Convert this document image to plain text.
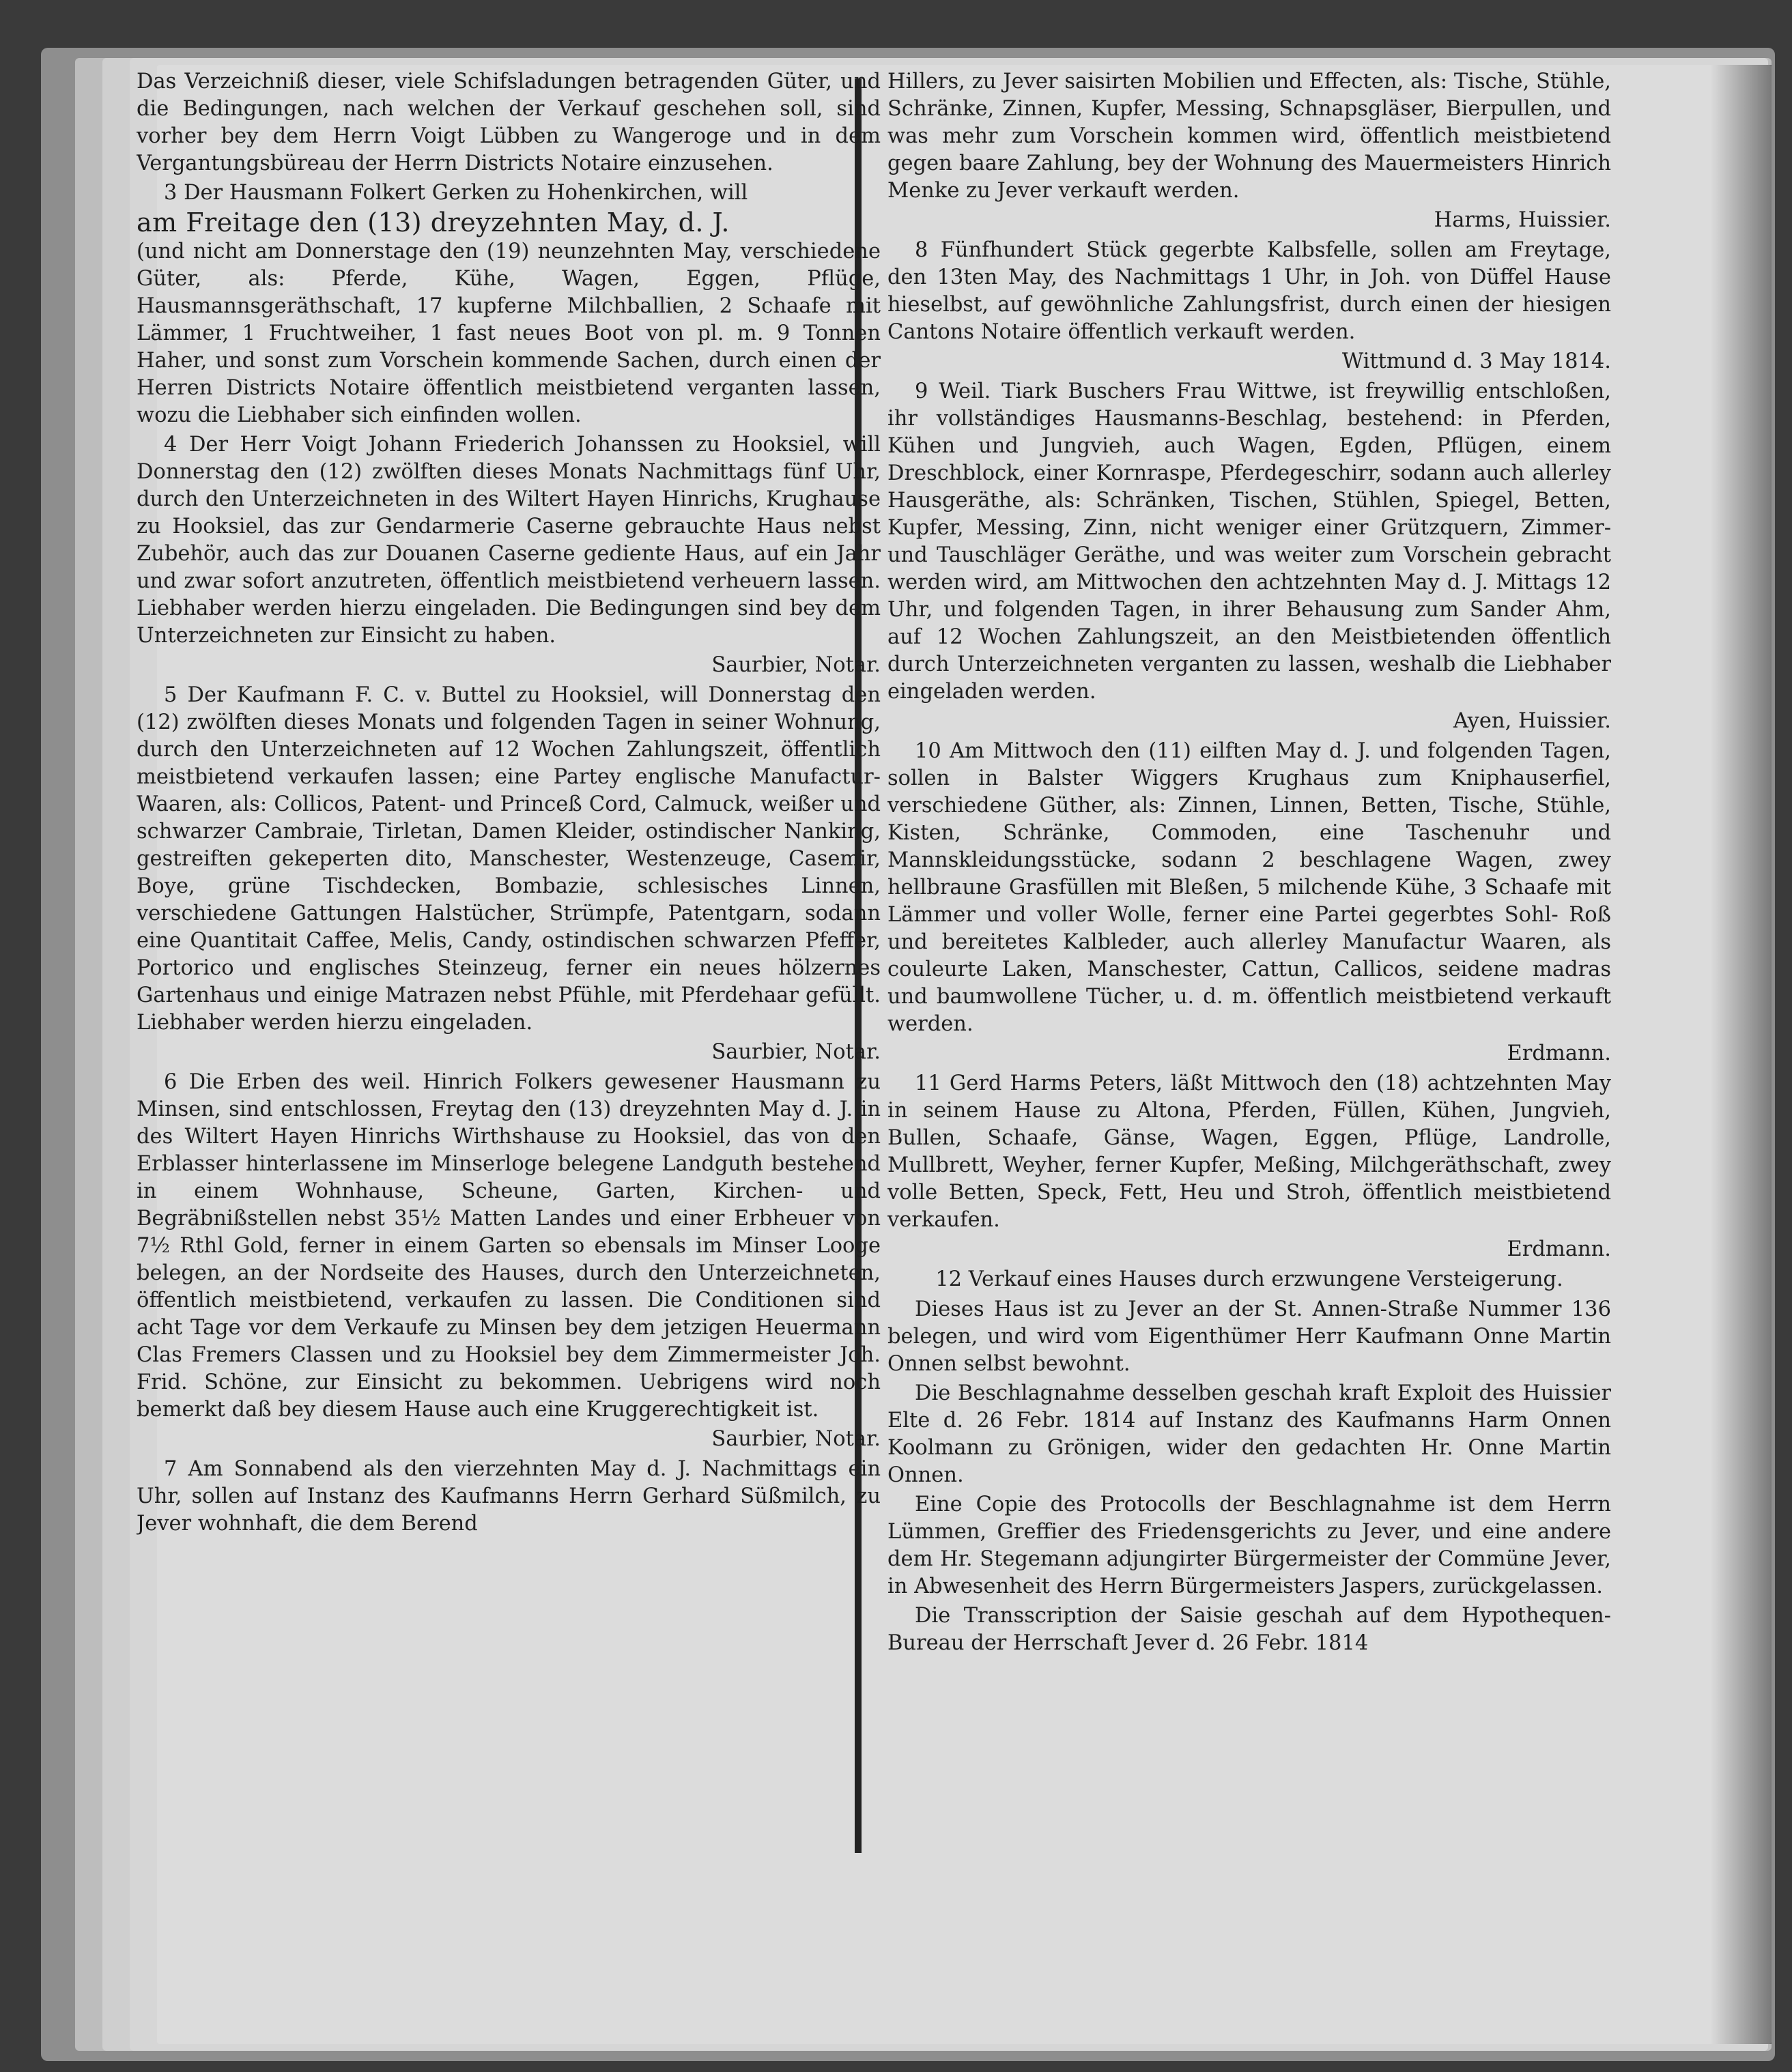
Das Verzeichniß dieser, viele Schifsladungen betragenden Güter, und die Bedingungen, nach welchen der Verkauf geschehen soll, sind vorher bey dem Herrn Voigt Lübben zu Wangeroge und in dem Vergantungsbüreau der Herrn Districts Notaire einzusehen.

3 Der Hausmann Folkert Gerken zu Hohenkirchen, will

am Freitage den (13) dreyzehnten May, d. J.

(und nicht am Donnerstage den (19) neunzehnten May, verschiedene Güter, als: Pferde, Kühe, Wagen, Eggen, Pflüge, Hausmannsgeräthschaft, 17 kupferne Milchballien, 2 Schaafe mit Lämmer, 1 Fruchtweiher, 1 fast neues Boot von pl. m. 9 Tonnen Haher, und sonst zum Vorschein kommende Sachen, durch einen der Herren Districts Notaire öffentlich meistbietend verganten lassen, wozu die Liebhaber sich einfinden wollen.

4 Der Herr Voigt Johann Friederich Johanssen zu Hooksiel, will Donnerstag den (12) zwölften dieses Monats Nachmittags fünf Uhr, durch den Unterzeichneten in des Wiltert Hayen Hinrichs, Krughause zu Hooksiel, das zur Gendarmerie Caserne gebrauchte Haus nebst Zubehör, auch das zur Douanen Caserne gediente Haus, auf ein Jahr und zwar sofort anzutreten, öffentlich meistbietend verheuern lassen. Liebhaber werden hierzu eingeladen. Die Bedingungen sind bey dem Unterzeichneten zur Einsicht zu haben.

Saurbier, Notar.

5 Der Kaufmann F. C. v. Buttel zu Hooksiel, will Donnerstag den (12) zwölften dieses Monats und folgenden Tagen in seiner Wohnung, durch den Unterzeichneten auf 12 Wochen Zahlungszeit, öffentlich meistbietend verkaufen lassen; eine Partey englische Manufactur-Waaren, als: Collicos, Patent- und Princeß Cord, Calmuck, weißer und schwarzer Cambraie, Tirletan, Damen Kleider, ostindischer Nanking, gestreiften gekeperten dito, Manschester, Westenzeuge, Casemir, Boye, grüne Tischdecken, Bombazie, schlesisches Linnen, verschiedene Gattungen Halstücher, Strümpfe, Patentgarn, sodann eine Quantitait Caffee, Melis, Candy, ostindischen schwarzen Pfeffer, Portorico und englisches Steinzeug, ferner ein neues hölzernes Gartenhaus und einige Matrazen nebst Pfühle, mit Pferdehaar gefüllt. Liebhaber werden hierzu eingeladen.

Saurbier, Notar.

6 Die Erben des weil. Hinrich Folkers gewesener Hausmann zu Minsen, sind entschlossen, Freytag den (13) dreyzehnten May d. J. in des Wiltert Hayen Hinrichs Wirthshause zu Hooksiel, das von den Erblasser hinterlassene im Minserloge belegene Landguth bestehend in einem Wohnhause, Scheune, Garten, Kirchen- und Begräbnißstellen nebst 35½ Matten Landes und einer Erbheuer von 7½ Rthl Gold, ferner in einem Garten so ebensals im Minser Looge belegen, an der Nordseite des Hauses, durch den Unterzeichneten, öffentlich meistbietend, verkaufen zu lassen. Die Conditionen sind acht Tage vor dem Verkaufe zu Minsen bey dem jetzigen Heuermann Clas Fremers Classen und zu Hooksiel bey dem Zimmermeister Joh. Frid. Schöne, zur Einsicht zu bekommen. Uebrigens wird noch bemerkt daß bey diesem Hause auch eine Kruggerechtigkeit ist.

Saurbier, Notar.

7 Am Sonnabend als den vierzehnten May d. J. Nachmittags ein Uhr, sollen auf Instanz des Kaufmanns Herrn Gerhard Süßmilch, zu Jever wohnhaft, die dem Berend

Hillers, zu Jever saisirten Mobilien und Effecten, als: Tische, Stühle, Schränke, Zinnen, Kupfer, Messing, Schnapsgläser, Bierpullen, und was mehr zum Vorschein kommen wird, öffentlich meistbietend gegen baare Zahlung, bey der Wohnung des Mauermeisters Hinrich Menke zu Jever verkauft werden.

Harms, Huissier.

8 Fünfhundert Stück gegerbte Kalbsfelle, sollen am Freytage, den 13ten May, des Nachmittags 1 Uhr, in Joh. von Düffel Hause hieselbst, auf gewöhnliche Zahlungsfrist, durch einen der hiesigen Cantons Notaire öffentlich verkauft werden.

Wittmund d. 3 May 1814.

9 Weil. Tiark Buschers Frau Wittwe, ist freywillig entschloßen, ihr vollständiges Hausmanns-Beschlag, bestehend: in Pferden, Kühen und Jungvieh, auch Wagen, Egden, Pflügen, einem Dreschblock, einer Kornraspe, Pferdegeschirr, sodann auch allerley Hausgeräthe, als: Schränken, Tischen, Stühlen, Spiegel, Betten, Kupfer, Messing, Zinn, nicht weniger einer Grützquern, Zimmer- und Tauschläger Geräthe, und was weiter zum Vorschein gebracht werden wird, am Mittwochen den achtzehnten May d. J. Mittags 12 Uhr, und folgenden Tagen, in ihrer Behausung zum Sander Ahm, auf 12 Wochen Zahlungszeit, an den Meistbietenden öffentlich durch Unterzeichneten verganten zu lassen, weshalb die Liebhaber eingeladen werden.

Ayen, Huissier.

10 Am Mittwoch den (11) eilften May d. J. und folgenden Tagen, sollen in Balster Wiggers Krughaus zum Kniphauserfiel, verschiedene Güther, als: Zinnen, Linnen, Betten, Tische, Stühle, Kisten, Schränke, Commoden, eine Taschenuhr und Mannskleidungsstücke, sodann 2 beschlagene Wagen, zwey hellbraune Grasfüllen mit Bleßen, 5 milchende Kühe, 3 Schaafe mit Lämmer und voller Wolle, ferner eine Partei gegerbtes Sohl- Roß und bereitetes Kalbleder, auch allerley Manufactur Waaren, als couleurte Laken, Manschester, Cattun, Callicos, seidene madras und baumwollene Tücher, u. d. m. öffentlich meistbietend verkauft werden.

Erdmann.

11 Gerd Harms Peters, läßt Mittwoch den (18) achtzehnten May in seinem Hause zu Altona, Pferden, Füllen, Kühen, Jungvieh, Bullen, Schaafe, Gänse, Wagen, Eggen, Pflüge, Landrolle, Mullbrett, Weyher, ferner Kupfer, Meßing, Milchgeräthschaft, zwey volle Betten, Speck, Fett, Heu und Stroh, öffentlich meistbietend verkaufen.

Erdmann.

12 Verkauf eines Hauses durch erzwungene Versteigerung.

Dieses Haus ist zu Jever an der St. Annen-Straße Nummer 136 belegen, und wird vom Eigenthümer Herr Kaufmann Onne Martin Onnen selbst bewohnt.

Die Beschlagnahme desselben geschah kraft Exploit des Huissier Elte d. 26 Febr. 1814 auf Instanz des Kaufmanns Harm Onnen Koolmann zu Grönigen, wider den gedachten Hr. Onne Martin Onnen.

Eine Copie des Protocolls der Beschlagnahme ist dem Herrn Lümmen, Greffier des Friedensgerichts zu Jever, und eine andere dem Hr. Stegemann adjungirter Bürgermeister der Commüne Jever, in Abwesenheit des Herrn Bürgermeisters Jaspers, zurückgelassen.

Die Transscription der Saisie geschah auf dem Hypothequen-Bureau der Herrschaft Jever d. 26 Febr. 1814
